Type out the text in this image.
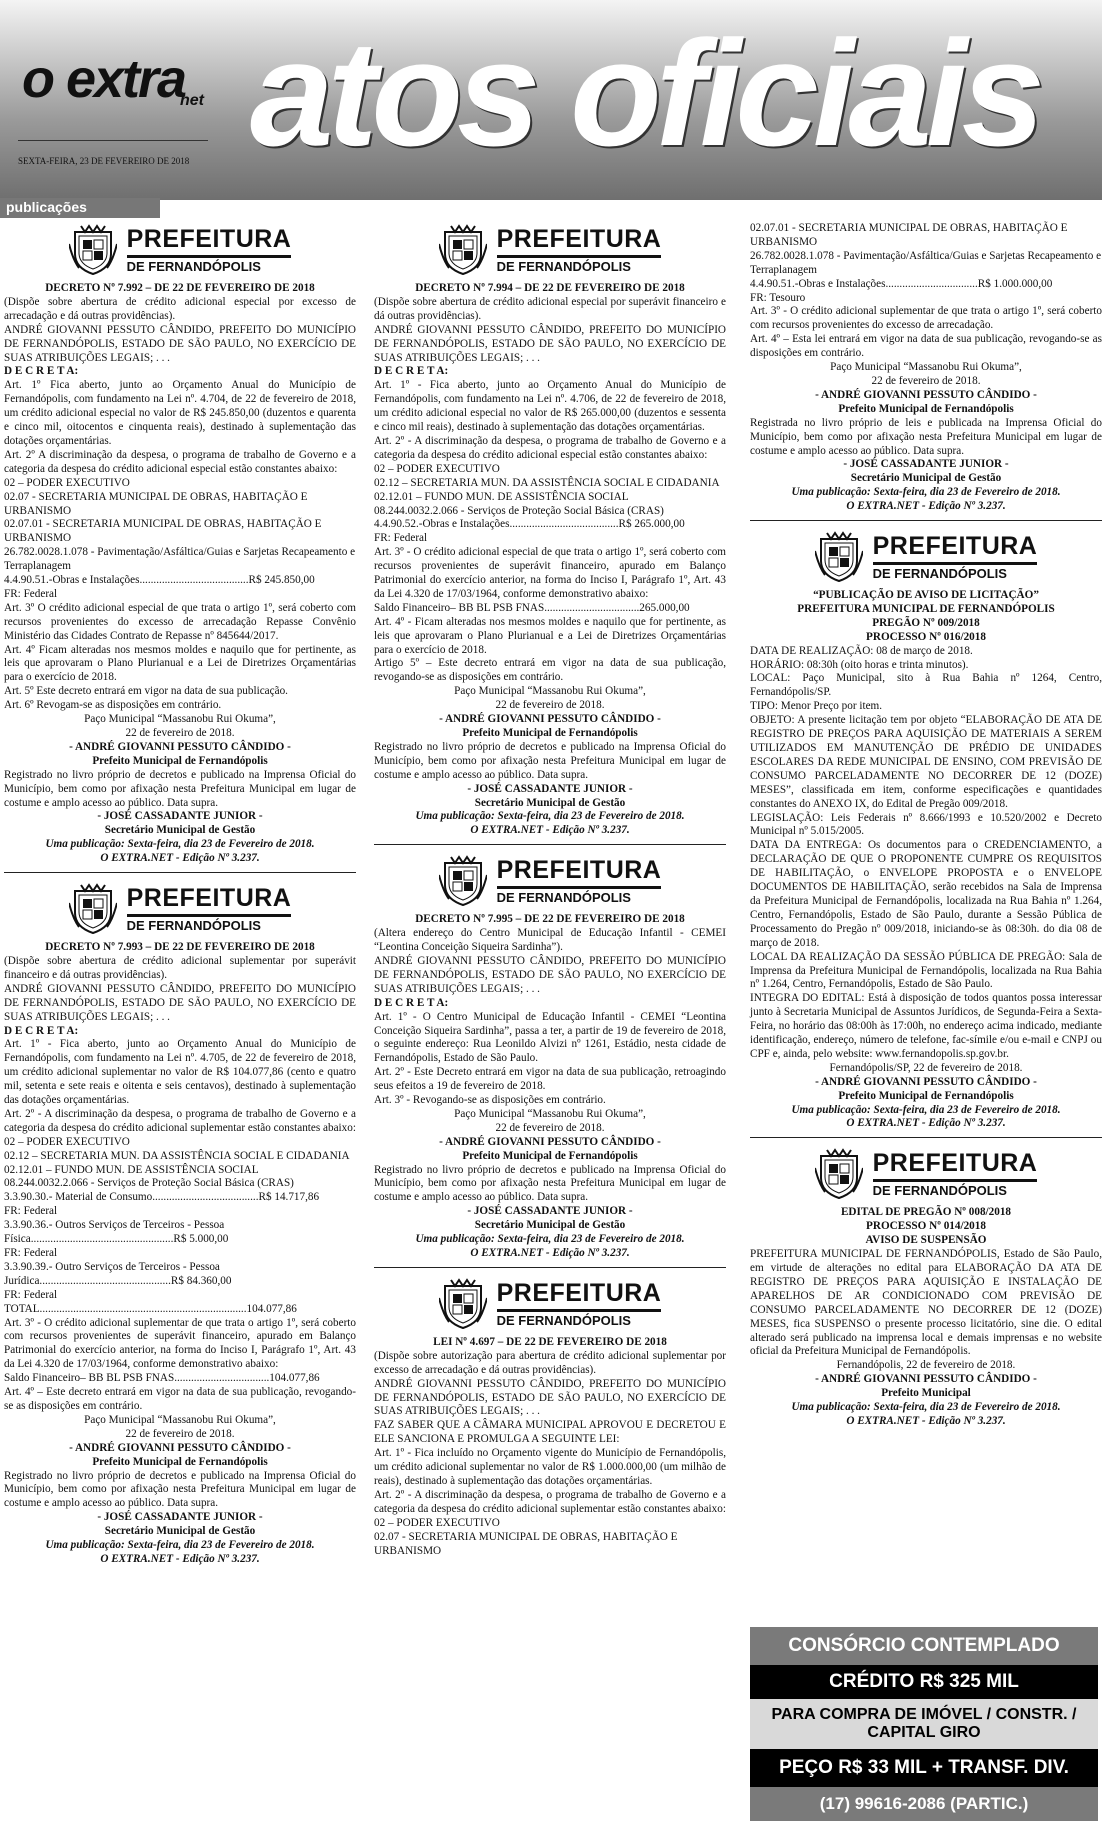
o extra
net atos oficiais
SEXTA-FEIRA, 23 DE FEVEREIRO DE 2018
publicações
PREFEITURA
DE FERNANDÓPOLIS
DECRETO Nº 7.992 – DE 22 DE FEVEREIRO DE 2018
(Dispõe sobre abertura de crédito adicional especial por excesso de arrecadação e dá outras providências).
ANDRÉ GIOVANNI PESSUTO CÂNDIDO, PREFEITO DO MUNICÍPIO DE FERNANDÓPOLIS, ESTADO DE SÃO PAULO, NO EXERCÍCIO DE SUAS ATRIBUIÇÕES LEGAIS; . . .
D E C R E T A:
Art. 1º Fica aberto, junto ao Orçamento Anual do Município de Fernandópolis, com fundamento na Lei nº. 4.704, de 22 de fevereiro de 2018, um crédito adicional especial no valor de R$ 245.850,00 (duzentos e quarenta e cinco mil, oitocentos e cinquenta reais), destinado à suplementação das dotações orçamentárias.
Art. 2º A discriminação da despesa, o programa de trabalho de Governo e a categoria da despesa do crédito adicional especial estão constantes abaixo:
02 – PODER EXECUTIVO
02.07 - SECRETARIA MUNICIPAL DE OBRAS, HABITAÇÃO E URBANISMO
02.07.01 - SECRETARIA MUNICIPAL DE OBRAS, HABITAÇÃO E URBANISMO
26.782.0028.1.078 - Pavimentação/Asfáltica/Guias e Sarjetas Recapeamento e Terraplanagem
4.4.90.51.-Obras e Instalações.......................................R$ 245.850,00
FR: Federal
Art. 3º O crédito adicional especial de que trata o artigo 1º, será coberto com recursos provenientes do excesso de arrecadação Repasse Convênio Ministério das Cidades Contrato de Repasse nº 845644/2017.
Art. 4º Ficam alteradas nos mesmos moldes e naquilo que for pertinente, as leis que aprovaram o Plano Plurianual e a Lei de Diretrizes Orçamentárias para o exercício de 2018.
Art. 5º Este decreto entrará em vigor na data de sua publicação.
Art. 6º Revogam-se as disposições em contrário.
Paço Municipal “Massanobu Rui Okuma”,
22 de fevereiro de 2018.
- ANDRÉ GIOVANNI PESSUTO CÂNDIDO -
Prefeito Municipal de Fernandópolis
Registrado no livro próprio de decretos e publicado na Imprensa Oficial do Município, bem como por afixação nesta Prefeitura Municipal em lugar de costume e amplo acesso ao público. Data supra.
- JOSÉ CASSADANTE JUNIOR -
Secretário Municipal de Gestão
Uma publicação: Sexta-feira, dia 23 de Fevereiro de 2018.
O EXTRA.NET - Edição Nº 3.237.
PREFEITURA
DE FERNANDÓPOLIS
DECRETO Nº 7.993 – DE 22 DE FEVEREIRO DE 2018
(Dispõe sobre abertura de crédito adicional suplementar por superávit financeiro e dá outras providências).
ANDRÉ GIOVANNI PESSUTO CÂNDIDO, PREFEITO DO MUNICÍPIO DE FERNANDÓPOLIS, ESTADO DE SÃO PAULO, NO EXERCÍCIO DE SUAS ATRIBUIÇÕES LEGAIS; . . .
D E C R E T A:
Art. 1º - Fica aberto, junto ao Orçamento Anual do Município de Fernandópolis, com fundamento na Lei nº. 4.705, de 22 de fevereiro de 2018, um crédito adicional suplementar no valor de R$ 104.077,86 (cento e quatro mil, setenta e sete reais e oitenta e seis centavos), destinado à suplementação das dotações orçamentárias.
Art. 2º - A discriminação da despesa, o programa de trabalho de Governo e a categoria da despesa do crédito adicional suplementar estão constantes abaixo:
02 – PODER EXECUTIVO
02.12 – SECRETARIA MUN. DA ASSISTÊNCIA SOCIAL E CIDADANIA
02.12.01 – FUNDO MUN. DE ASSISTÊNCIA SOCIAL
08.244.0032.2.066 - Serviços de Proteção Social Básica (CRAS)
3.3.90.30.- Material de Consumo......................................R$ 14.717,86
FR: Federal
3.3.90.36.- Outros Serviços de Terceiros - Pessoa Física...................................................R$ 5.000,00
FR: Federal
3.3.90.39.- Outro Serviços de Terceiros - Pessoa Jurídica...............................................R$ 84.360,00
FR: Federal
TOTAL..........................................................................104.077,86
Art. 3º - O crédito adicional suplementar de que trata o artigo 1º, será coberto com recursos provenientes de superávit financeiro, apurado em Balanço Patrimonial do exercício anterior, na forma do Inciso I, Parágrafo 1º, Art. 43 da Lei 4.320 de 17/03/1964, conforme demonstrativo abaixo:
Saldo Financeiro– BB BL PSB FNAS..................................104.077,86
Art. 4º – Este decreto entrará em vigor na data de sua publicação, revogando-se as disposições em contrário.
Paço Municipal “Massanobu Rui Okuma”,
22 de fevereiro de 2018.
- ANDRÉ GIOVANNI PESSUTO CÂNDIDO -
Prefeito Municipal de Fernandópolis
Registrado no livro próprio de decretos e publicado na Imprensa Oficial do Município, bem como por afixação nesta Prefeitura Municipal em lugar de costume e amplo acesso ao público. Data supra.
- JOSÉ CASSADANTE JUNIOR -
Secretário Municipal de Gestão
Uma publicação: Sexta-feira, dia 23 de Fevereiro de 2018.
O EXTRA.NET - Edição Nº 3.237.
PREFEITURA
DE FERNANDÓPOLIS
DECRETO Nº 7.994 – DE 22 DE FEVEREIRO DE 2018
(Dispõe sobre abertura de crédito adicional especial por superávit financeiro e dá outras providências).
ANDRÉ GIOVANNI PESSUTO CÂNDIDO, PREFEITO DO MUNICÍPIO DE FERNANDÓPOLIS, ESTADO DE SÃO PAULO, NO EXERCÍCIO DE SUAS ATRIBUIÇÕES LEGAIS; . . .
D E C R E T A:
Art. 1º - Fica aberto, junto ao Orçamento Anual do Município de Fernandópolis, com fundamento na Lei nº. 4.706, de 22 de fevereiro de 2018, um crédito adicional especial no valor de R$ 265.000,00 (duzentos e sessenta e cinco mil reais), destinado à suplementação das dotações orçamentárias.
Art. 2º - A discriminação da despesa, o programa de trabalho de Governo e a categoria da despesa do crédito adicional especial estão constantes abaixo:
02 – PODER EXECUTIVO
02.12 – SECRETARIA MUN. DA ASSISTÊNCIA SOCIAL E CIDADANIA
02.12.01 – FUNDO MUN. DE ASSISTÊNCIA SOCIAL
08.244.0032.2.066 - Serviços de Proteção Social Básica (CRAS)
4.4.90.52.-Obras e Instalações.......................................R$ 265.000,00
FR: Federal
Art. 3º - O crédito adicional especial de que trata o artigo 1º, será coberto com recursos provenientes de superávit financeiro, apurado em Balanço Patrimonial do exercício anterior, na forma do Inciso I, Parágrafo 1º, Art. 43 da Lei 4.320 de 17/03/1964, conforme demonstrativo abaixo:
Saldo Financeiro– BB BL PSB FNAS..................................265.000,00
Art. 4º - Ficam alteradas nos mesmos moldes e naquilo que for pertinente, as leis que aprovaram o Plano Plurianual e a Lei de Diretrizes Orçamentárias para o exercício de 2018.
Artigo 5º – Este decreto entrará em vigor na data de sua publicação, revogando-se as disposições em contrário.
Paço Municipal “Massanobu Rui Okuma”,
22 de fevereiro de 2018.
- ANDRÉ GIOVANNI PESSUTO CÂNDIDO -
Prefeito Municipal de Fernandópolis
Registrado no livro próprio de decretos e publicado na Imprensa Oficial do Município, bem como por afixação nesta Prefeitura Municipal em lugar de costume e amplo acesso ao público. Data supra.
- JOSÉ CASSADANTE JUNIOR -
Secretário Municipal de Gestão
Uma publicação: Sexta-feira, dia 23 de Fevereiro de 2018.
O EXTRA.NET - Edição Nº 3.237.
PREFEITURA
DE FERNANDÓPOLIS
DECRETO Nº 7.995 – DE 22 DE FEVEREIRO DE 2018
(Altera endereço do Centro Municipal de Educação Infantil - CEMEI “Leontina Conceição Siqueira Sardinha”).
ANDRÉ GIOVANNI PESSUTO CÂNDIDO, PREFEITO DO MUNICÍPIO DE FERNANDÓPOLIS, ESTADO DE SÃO PAULO, NO EXERCÍCIO DE SUAS ATRIBUIÇÕES LEGAIS; . . .
D E C R E T A:
Art. 1º - O Centro Municipal de Educação Infantil - CEMEI “Leontina Conceição Siqueira Sardinha”, passa a ter, a partir de 19 de fevereiro de 2018, o seguinte endereço: Rua Leonildo Alvizi nº 1261, Estádio, nesta cidade de Fernandópolis, Estado de São Paulo.
Art. 2º - Este Decreto entrará em vigor na data de sua publicação, retroagindo seus efeitos a 19 de fevereiro de 2018.
Art. 3º - Revogando-se as disposições em contrário.
Paço Municipal “Massanobu Rui Okuma”,
22 de fevereiro de 2018.
- ANDRÉ GIOVANNI PESSUTO CÂNDIDO -
Prefeito Municipal de Fernandópolis
Registrado no livro próprio de decretos e publicado na Imprensa Oficial do Município, bem como por afixação nesta Prefeitura Municipal em lugar de costume e amplo acesso ao público. Data supra.
- JOSÉ CASSADANTE JUNIOR -
Secretário Municipal de Gestão
Uma publicação: Sexta-feira, dia 23 de Fevereiro de 2018.
O EXTRA.NET - Edição Nº 3.237.
PREFEITURA
DE FERNANDÓPOLIS
LEI Nº 4.697 – DE 22 DE FEVEREIRO DE 2018
(Dispõe sobre autorização para abertura de crédito adicional suplementar por excesso de arrecadação e dá outras providências).
ANDRÉ GIOVANNI PESSUTO CÂNDIDO, PREFEITO DO MUNICÍPIO DE FERNANDÓPOLIS, ESTADO DE SÃO PAULO, NO EXERCÍCIO DE SUAS ATRIBUIÇÕES LEGAIS; . . .
FAZ SABER QUE A CÂMARA MUNICIPAL APROVOU E DECRETOU E ELE SANCIONA E PROMULGA A SEGUINTE LEI:
Art. 1º - Fica incluído no Orçamento vigente do Município de Fernandópolis, um crédito adicional suplementar no valor de R$ 1.000.000,00 (um milhão de reais), destinado à suplementação das dotações orçamentárias.
Art. 2º - A discriminação da despesa, o programa de trabalho de Governo e a categoria da despesa do crédito adicional suplementar estão constantes abaixo:
02 – PODER EXECUTIVO
02.07 - SECRETARIA MUNICIPAL DE OBRAS, HABITAÇÃO E URBANISMO
02.07.01 - SECRETARIA MUNICIPAL DE OBRAS, HABITAÇÃO E URBANISMO
26.782.0028.1.078 - Pavimentação/Asfáltica/Guias e Sarjetas Recapeamento e Terraplanagem
4.4.90.51.-Obras e Instalações.................................R$ 1.000.000,00
FR: Tesouro
Art. 3º - O crédito adicional suplementar de que trata o artigo 1º, será coberto com recursos provenientes do excesso de arrecadação.
Art. 4º – Esta lei entrará em vigor na data de sua publicação, revogando-se as disposições em contrário.
Paço Municipal “Massanobu Rui Okuma”,
22 de fevereiro de 2018.
- ANDRÉ GIOVANNI PESSUTO CÂNDIDO -
Prefeito Municipal de Fernandópolis
Registrada no livro próprio de leis e publicada na Imprensa Oficial do Município, bem como por afixação nesta Prefeitura Municipal em lugar de costume e amplo acesso ao público. Data supra.
- JOSÉ CASSADANTE JUNIOR -
Secretário Municipal de Gestão
Uma publicação: Sexta-feira, dia 23 de Fevereiro de 2018.
O EXTRA.NET - Edição Nº 3.237.
PREFEITURA
DE FERNANDÓPOLIS
“PUBLICAÇÃO DE AVISO DE LICITAÇÃO”
PREFEITURA MUNICIPAL DE FERNANDÓPOLIS
PREGÃO Nº 009/2018
PROCESSO Nº 016/2018
DATA DE REALIZAÇÃO: 08 de março de 2018.
HORÁRIO: 08:30h (oito horas e trinta minutos).
LOCAL: Paço Municipal, sito à Rua Bahia nº 1264, Centro, Fernandópolis/SP.
TIPO: Menor Preço por item.
OBJETO: A presente licitação tem por objeto “ELABORAÇÃO DE ATA DE REGISTRO DE PREÇOS PARA AQUISIÇÃO DE MATERIAIS A SEREM UTILIZADOS EM MANUTENÇÃO DE PRÉDIO DE UNIDADES ESCOLARES DA REDE MUNICIPAL DE ENSINO, COM PREVISÃO DE CONSUMO PARCELADAMENTE NO DECORRER DE 12 (DOZE) MESES”, classificada em item, conforme especificações e quantidades constantes do ANEXO IX, do Edital de Pregão 009/2018.
LEGISLAÇÃO: Leis Federais nº 8.666/1993 e 10.520/2002 e Decreto Municipal nº 5.015/2005.
DATA DA ENTREGA: Os documentos para o CREDENCIAMENTO, a DECLARAÇÃO DE QUE O PROPONENTE CUMPRE OS REQUISITOS DE HABILITAÇÃO, o ENVELOPE PROPOSTA e o ENVELOPE DOCUMENTOS DE HABILITAÇÃO, serão recebidos na Sala de Imprensa da Prefeitura Municipal de Fernandópolis, localizada na Rua Bahia nº 1.264, Centro, Fernandópolis, Estado de São Paulo, durante a Sessão Pública de Processamento do Pregão nº 009/2018, iniciando-se às 08:30h. do dia 08 de março de 2018.
LOCAL DA REALIZAÇÃO DA SESSÃO PÚBLICA DE PREGÃO: Sala de Imprensa da Prefeitura Municipal de Fernandópolis, localizada na Rua Bahia nº 1.264, Centro, Fernandópolis, Estado de São Paulo.
INTEGRA DO EDITAL: Está à disposição de todos quantos possa interessar junto à Secretaria Municipal de Assuntos Jurídicos, de Segunda-Feira a Sexta-Feira, no horário das 08:00h às 17:00h, no endereço acima indicado, mediante identificação, endereço, número de telefone, fac-símile e/ou e-mail e CNPJ ou CPF e, ainda, pelo website: www.fernandopolis.sp.gov.br.
Fernandópolis/SP, 22 de fevereiro de 2018.
- ANDRÉ GIOVANNI PESSUTO CÂNDIDO -
Prefeito Municipal de Fernandópolis
Uma publicação: Sexta-feira, dia 23 de Fevereiro de 2018.
O EXTRA.NET - Edição Nº 3.237.
PREFEITURA
DE FERNANDÓPOLIS
EDITAL DE PREGÃO Nº 008/2018
PROCESSO Nº 014/2018
AVISO DE SUSPENSÃO
PREFEITURA MUNICIPAL DE FERNANDÓPOLIS, Estado de São Paulo, em virtude de alterações no edital para ELABORAÇÃO DA ATA DE REGISTRO DE PREÇOS PARA AQUISIÇÃO E INSTALAÇÃO DE APARELHOS DE AR CONDICIONADO COM PREVISÃO DE CONSUMO PARCELADAMENTE NO DECORRER DE 12 (DOZE) MESES, fica SUSPENSO o presente processo licitatório, sine die. O edital alterado será publicado na imprensa local e demais imprensas e no website oficial da Prefeitura Municipal de Fernandópolis.
Fernandópolis, 22 de fevereiro de 2018.
- ANDRÉ GIOVANNI PESSUTO CÂNDIDO -
Prefeito Municipal
Uma publicação: Sexta-feira, dia 23 de Fevereiro de 2018.
O EXTRA.NET - Edição Nº 3.237.
CONSÓRCIO CONTEMPLADO
CRÉDITO R$ 325 MIL
PARA COMPRA DE IMÓVEL / CONSTR. / CAPITAL GIRO
PEÇO R$ 33 MIL + TRANSF. DIV.
(17) 99616-2086 (PARTIC.)
